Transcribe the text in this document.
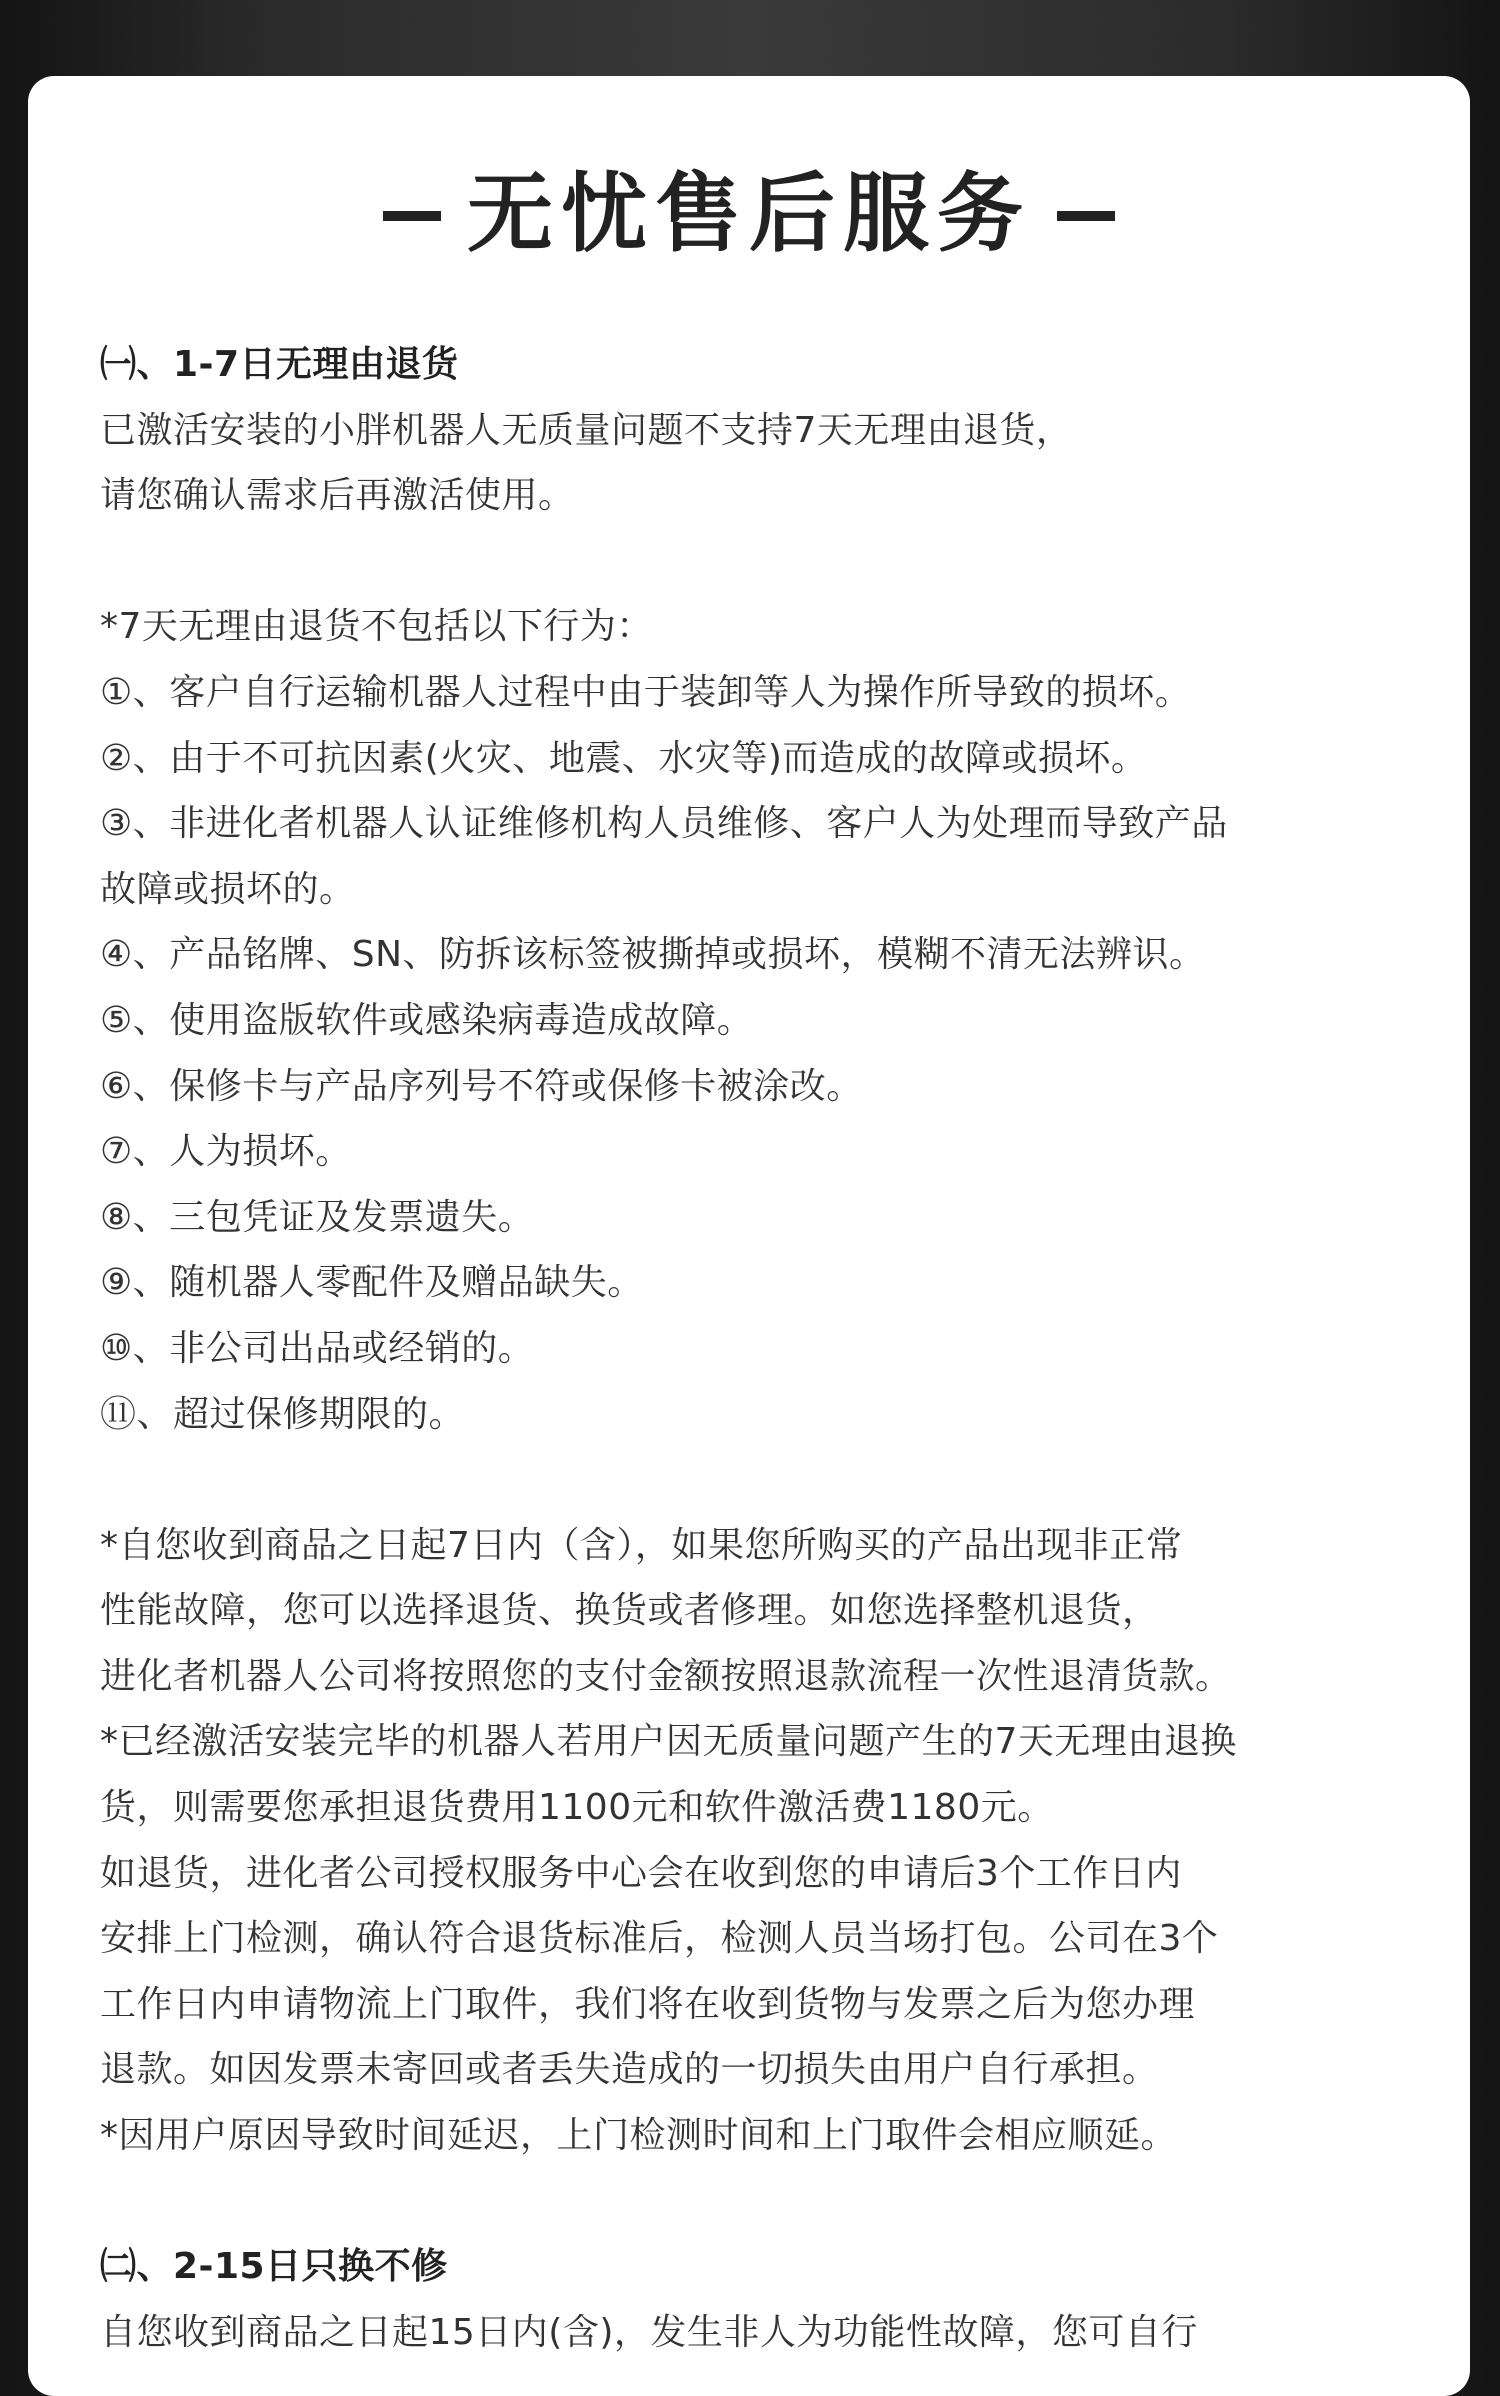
无忧售后服务
㈠、1-7日无理由退货
已激活安装的小胖机器人无质量问题不支持7天无理由退货，
请您确认需求后再激活使用。
*7天无理由退货不包括以下行为：
①、客户自行运输机器人过程中由于装卸等人为操作所导致的损坏。
②、由于不可抗因素(火灾、地震、水灾等)而造成的故障或损坏。
③、非进化者机器人认证维修机构人员维修、客户人为处理而导致产品
故障或损坏的。
④、产品铭牌、SN、防拆该标签被撕掉或损坏，模糊不清无法辨识。
⑤、使用盗版软件或感染病毒造成故障。
⑥、保修卡与产品序列号不符或保修卡被涂改。
⑦、人为损坏。
⑧、三包凭证及发票遗失。
⑨、随机器人零配件及赠品缺失。
⑩、非公司出品或经销的。
⑪、超过保修期限的。
*自您收到商品之日起7日内（含），如果您所购买的产品出现非正常
性能故障，您可以选择退货、换货或者修理。如您选择整机退货，
进化者机器人公司将按照您的支付金额按照退款流程一次性退清货款。
*已经激活安装完毕的机器人若用户因无质量问题产生的7天无理由退换
货，则需要您承担退货费用1100元和软件激活费1180元。
如退货，进化者公司授权服务中心会在收到您的申请后3个工作日内
安排上门检测，确认符合退货标准后，检测人员当场打包。公司在3个
工作日内申请物流上门取件，我们将在收到货物与发票之后为您办理
退款。如因发票未寄回或者丢失造成的一切损失由用户自行承担。
*因用户原因导致时间延迟，上门检测时间和上门取件会相应顺延。
㈡、2-15日只换不修
自您收到商品之日起15日内(含)，发生非人为功能性故障，您可自行
